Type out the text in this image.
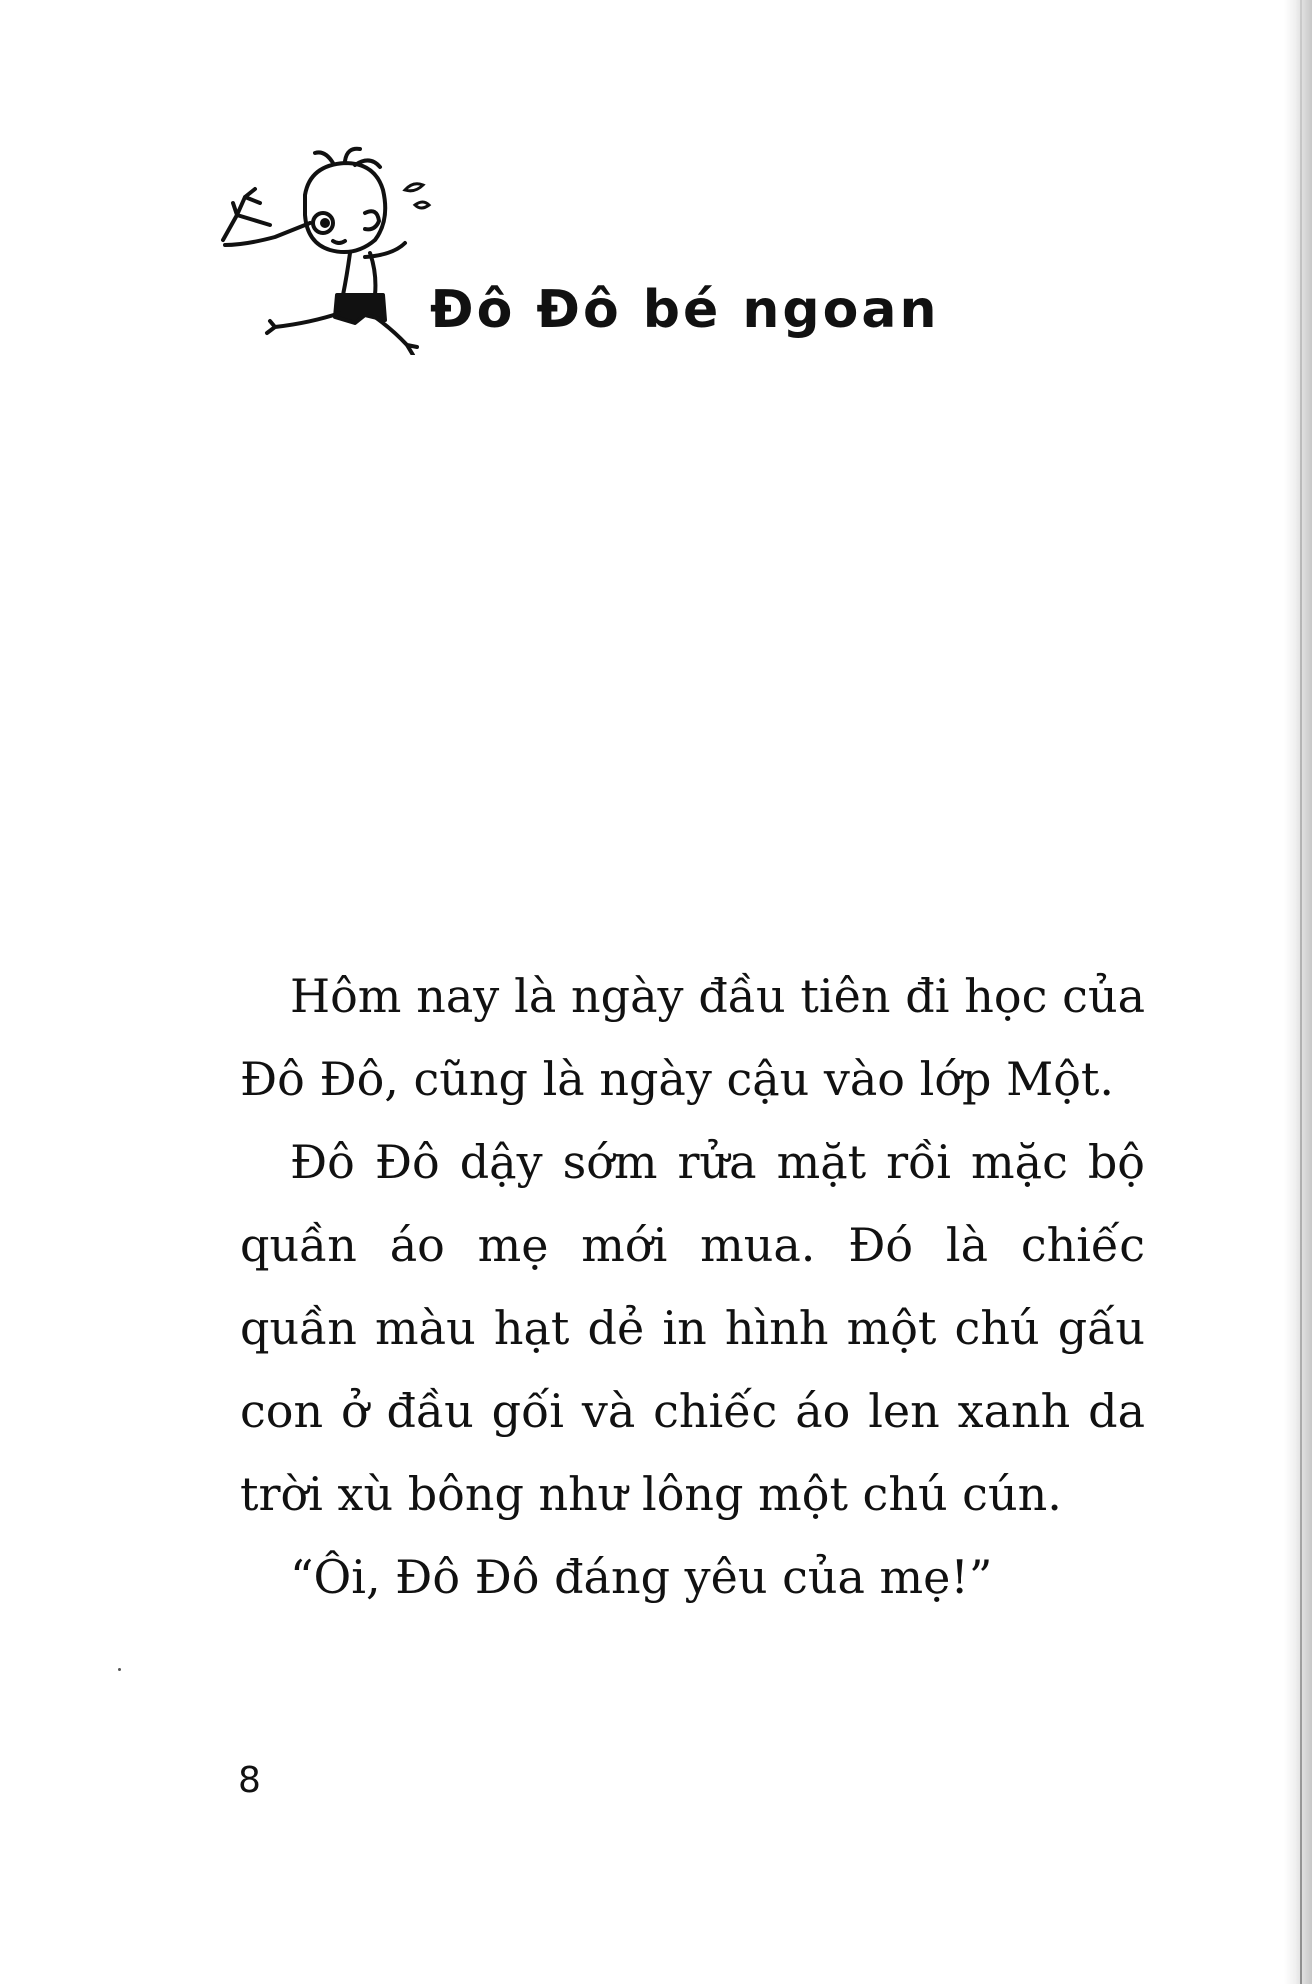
Đô Đô bé ngoan

Hôm nay là ngày đầu tiên đi học của Đô Đô, cũng là ngày cậu vào lớp Một.

Đô Đô dậy sớm rửa mặt rồi mặc bộ quần áo mẹ mới mua. Đó là chiếc quần màu hạt dẻ in hình một chú gấu con ở đầu gối và chiếc áo len xanh da trời xù bông như lông một chú cún.

“Ôi, Đô Đô đáng yêu của mẹ!”

8
